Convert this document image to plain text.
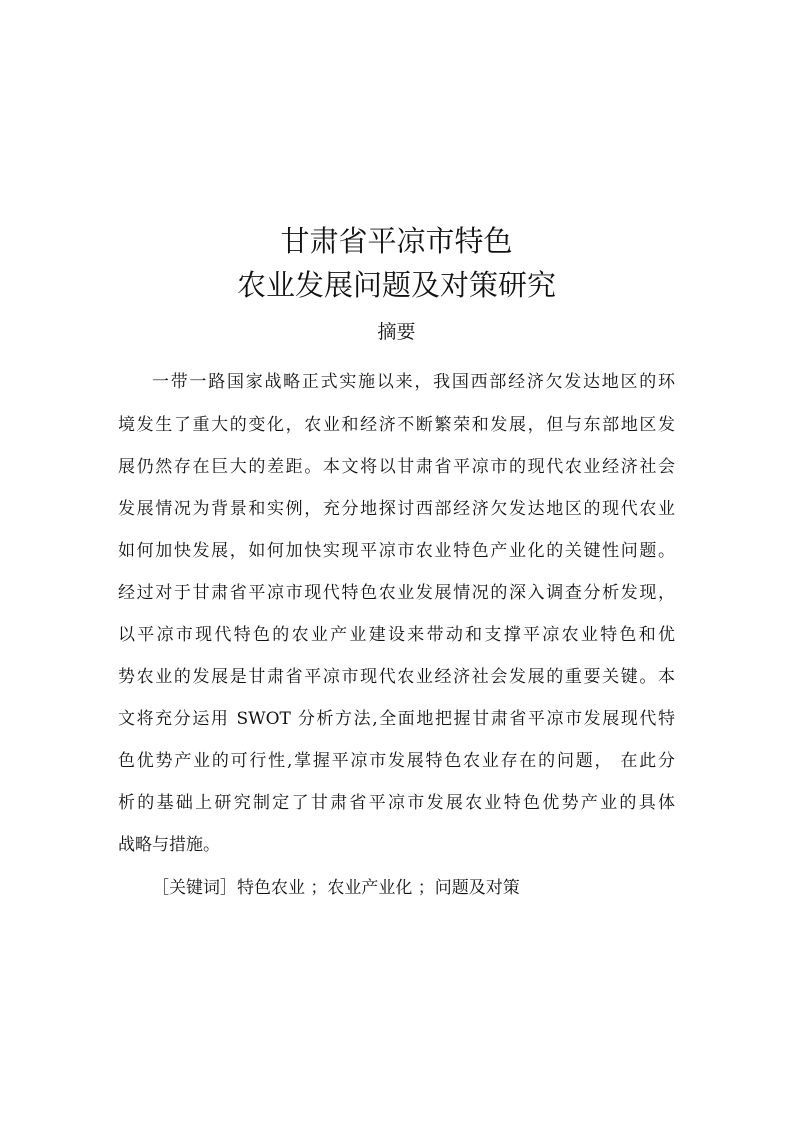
甘肃省平凉市特色
农业发展问题及对策研究
摘要
一带一路国家战略正式实施以来，我国西部经济欠发达地区的环
境发生了重大的变化，农业和经济不断繁荣和发展，但与东部地区发
展仍然存在巨大的差距。本文将以甘肃省平凉市的现代农业经济社会
发展情况为背景和实例，充分地探讨西部经济欠发达地区的现代农业
如何加快发展，如何加快实现平凉市农业特色产业化的关键性问题。
经过对于甘肃省平凉市现代特色农业发展情况的深入调查分析发现，
以平凉市现代特色的农业产业建设来带动和支撑平凉农业特色和优
势农业的发展是甘肃省平凉市现代农业经济社会发展的重要关键。本
文将充分运用 SWOT 分析方法,全面地把握甘肃省平凉市发展现代特
色优势产业的可行性,掌握平凉市发展特色农业存在的问题， 在此分
析的基础上研究制定了甘肃省平凉市发展农业特色优势产业的具体
战略与措施。
［关键词］特色农业 ；农业产业化 ；问题及对策
